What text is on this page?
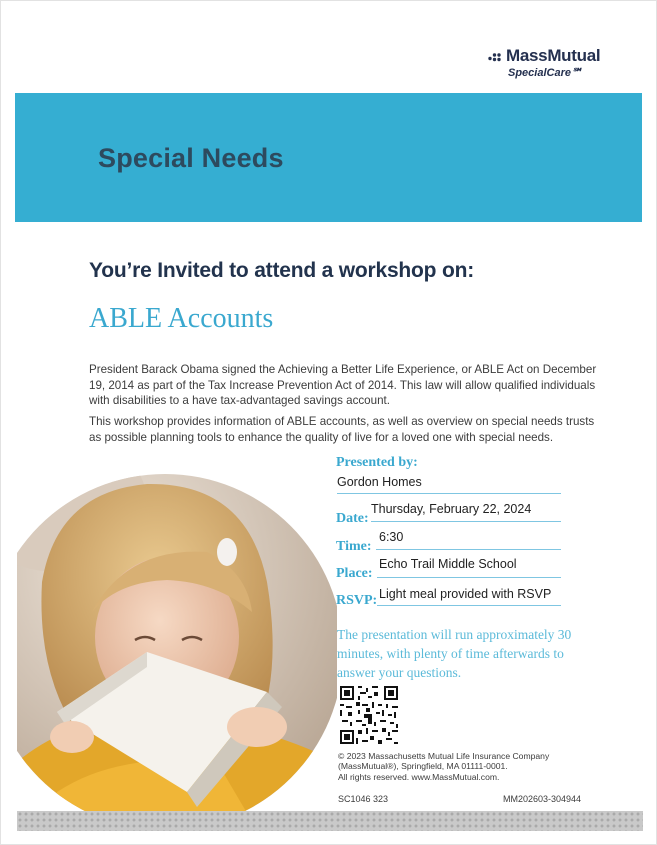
MassMutual
SpecialCare℠
Special Needs
You’re Invited to attend a workshop on:
ABLE Accounts
President Barack Obama signed the Achieving a Better Life Experience, or ABLE Act on December 19, 2014 as part of the Tax Increase Prevention Act of 2014. This law will allow qualified individuals with disabilities to a have tax-advantaged savings account.
This workshop provides information of ABLE accounts, as well as overview on special needs trusts as possible planning tools to enhance the quality of live for a loved one with special needs.
Presented by:
Gordon Homes
Date:
Thursday, February 22, 2024
Time:
6:30
Place:
Echo Trail Middle School
RSVP: Light meal provided with RSVP
The presentation will run approximately 30 minutes, with plenty of time afterwards to answer your questions.
© 2023 Massachusetts Mutual Life Insurance Company
(MassMutual®), Springfield, MA 01111-0001.
All rights reserved. www.MassMutual.com.
SC1046 323	MM202603-304944
